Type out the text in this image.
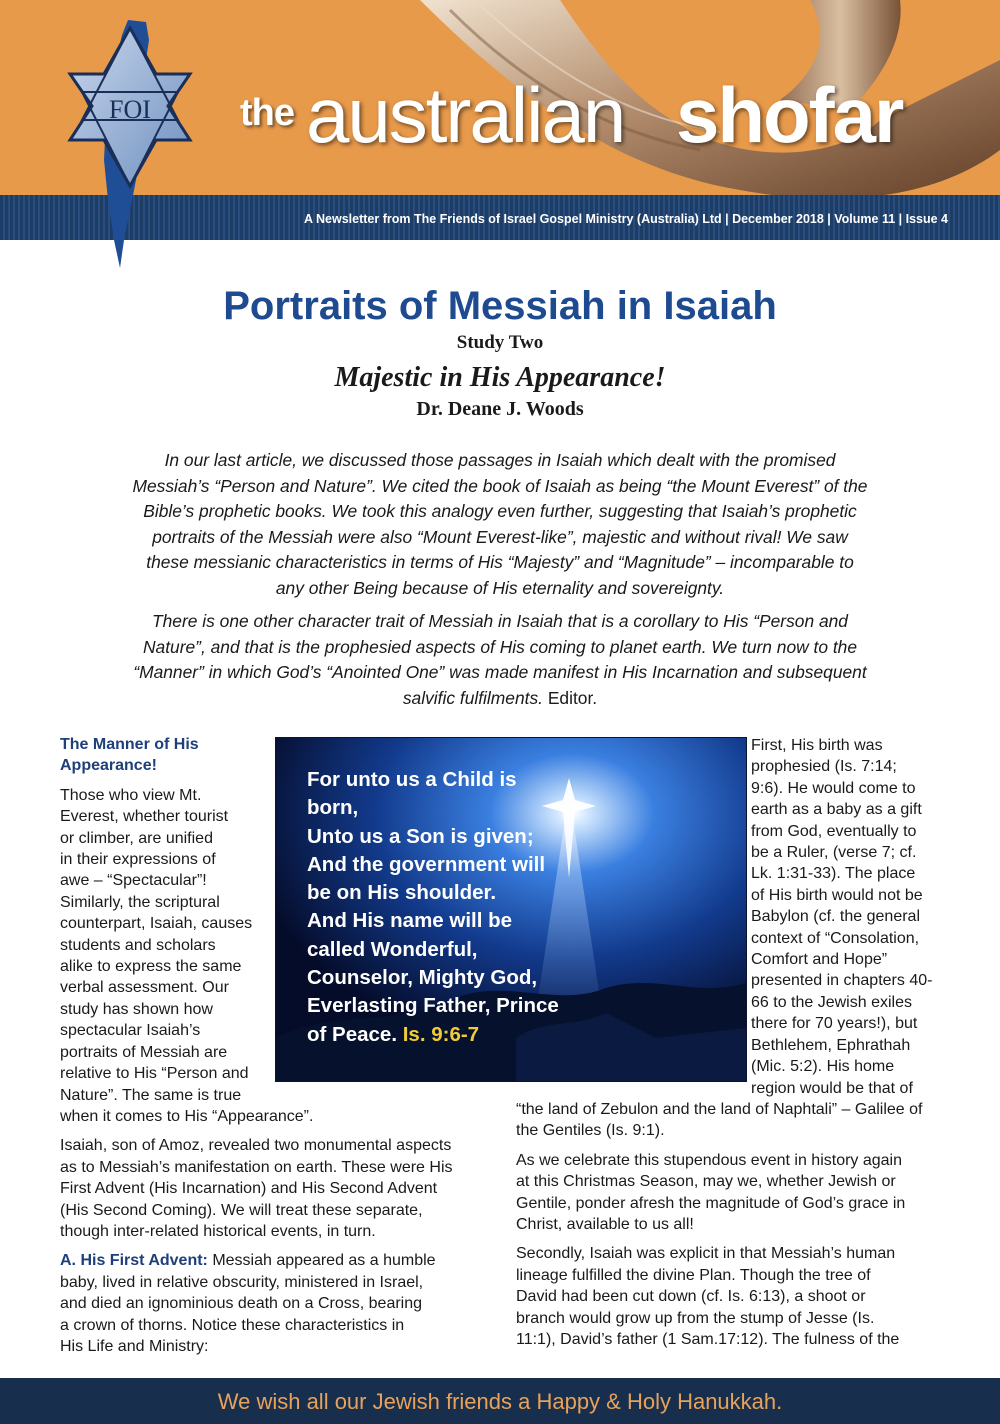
the australian shofar
A Newsletter from The Friends of Israel Gospel Ministry (Australia) Ltd | December 2018 | Volume 11 | Issue 4
FOI
Portraits of Messiah in Isaiah
Study Two
Majestic in His Appearance!
Dr. Deane J. Woods

In our last article, we discussed those passages in Isaiah which dealt with the promised Messiah’s “Person and Nature”. We cited the book of Isaiah as being “the Mount Everest” of the Bible’s prophetic books. We took this analogy even further, suggesting that Isaiah’s prophetic portraits of the Messiah were also “Mount Everest-like”, majestic and without rival! We saw these messianic characteristics in terms of His “Majesty” and “Magnitude” – incomparable to any other Being because of His eternality and sovereignty.

There is one other character trait of Messiah in Isaiah that is a corollary to His “Person and Nature”, and that is the prophesied aspects of His coming to planet earth. We turn now to the “Manner” in which God’s “Anointed One” was made manifest in His Incarnation and subsequent salvific fulfilments. Editor.

The Manner of His Appearance!

Those who view Mt.
Everest, whether tourist
or climber, are unified
in their expressions of
awe – “Spectacular”!
Similarly, the scriptural
counterpart, Isaiah, causes
students and scholars
alike to express the same
verbal assessment. Our
study has shown how
spectacular Isaiah’s
portraits of Messiah are
relative to His “Person and
Nature”. The same is true
when it comes to His “Appearance”.

Isaiah, son of Amoz, revealed two monumental aspects
as to Messiah’s manifestation on earth. These were His
First Advent (His Incarnation) and His Second Advent
(His Second Coming). We will treat these separate,
though inter-related historical events, in turn.

A. His First Advent: Messiah appeared as a humble
baby, lived in relative obscurity, ministered in Israel,
and died an ignominious death on a Cross, bearing
a crown of thorns. Notice these characteristics in
His Life and Ministry:

For unto us a Child is
born,
Unto us a Son is given;
And the government will
be on His shoulder.
And His name will be
called Wonderful,
Counselor, Mighty God,
Everlasting Father, Prince
of Peace. Is. 9:6-7

First, His birth was
prophesied (Is. 7:14;
9:6). He would come to
earth as a baby as a gift
from God, eventually to
be a Ruler, (verse 7; cf.
Lk. 1:31-33). The place
of His birth would not be
Babylon (cf. the general
context of “Consolation,
Comfort and Hope”
presented in chapters 40-
66 to the Jewish exiles
there for 70 years!), but
Bethlehem, Ephrathah
(Mic. 5:2). His home
region would be that of

“the land of Zebulon and the land of Naphtali” – Galilee of
the Gentiles (Is. 9:1).

As we celebrate this stupendous event in history again
at this Christmas Season, may we, whether Jewish or
Gentile, ponder afresh the magnitude of God’s grace in
Christ, available to us all!

Secondly, Isaiah was explicit in that Messiah’s human
lineage fulfilled the divine Plan. Though the tree of
David had been cut down (cf. Is. 6:13), a shoot or
branch would grow up from the stump of Jesse (Is.
11:1), David’s father (1 Sam.17:12). The fulness of the

We wish all our Jewish friends a Happy & Holy Hanukkah.
